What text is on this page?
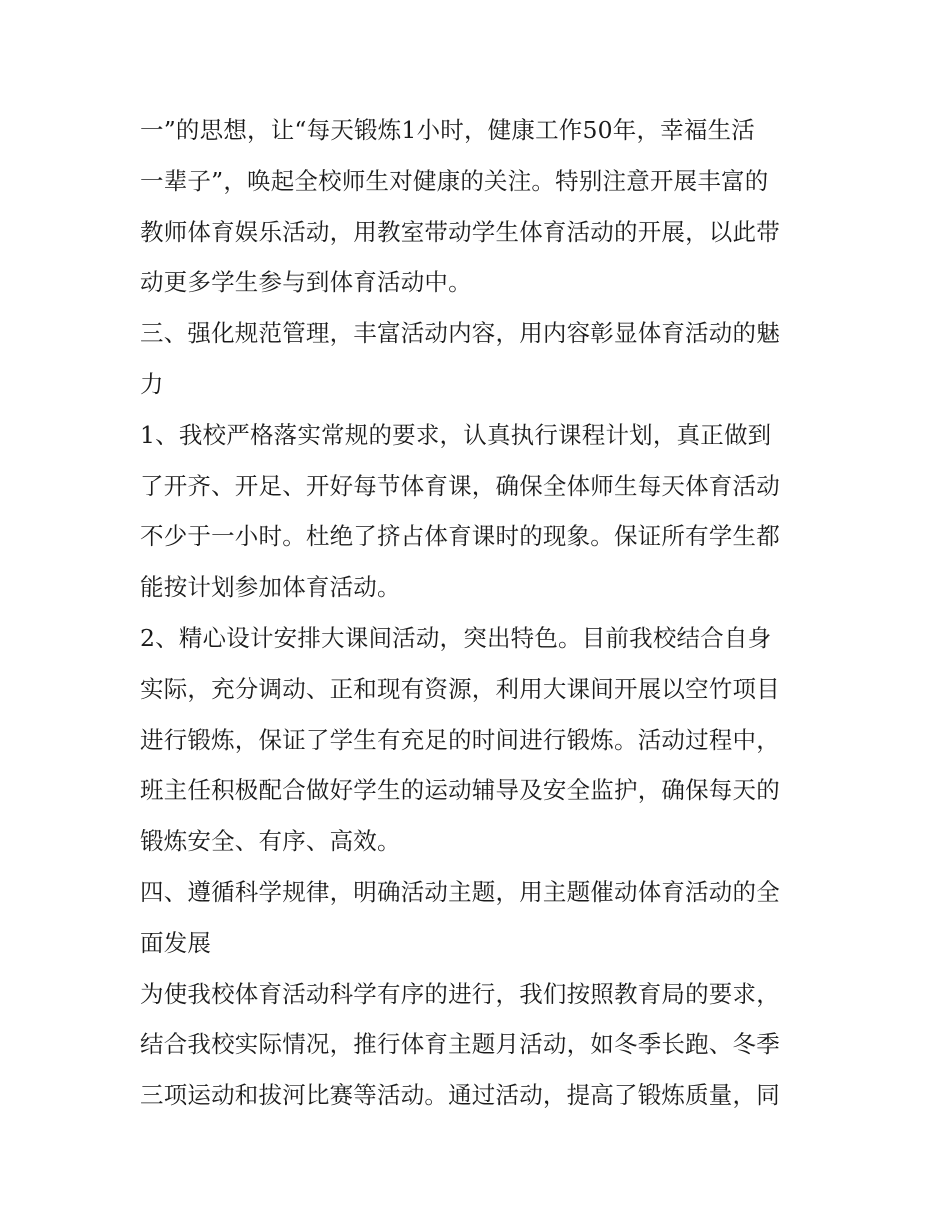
一”的思想，让“每天锻炼1小时，健康工作50年，幸福生活
一辈子”，唤起全校师生对健康的关注。特别注意开展丰富的
教师体育娱乐活动，用教室带动学生体育活动的开展，以此带
动更多学生参与到体育活动中。
三、强化规范管理，丰富活动内容，用内容彰显体育活动的魅
力
1、我校严格落实常规的要求，认真执行课程计划，真正做到
了开齐、开足、开好每节体育课，确保全体师生每天体育活动
不少于一小时。杜绝了挤占体育课时的现象。保证所有学生都
能按计划参加体育活动。
2、精心设计安排大课间活动，突出特色。目前我校结合自身
实际，充分调动、正和现有资源，利用大课间开展以空竹项目
进行锻炼，保证了学生有充足的时间进行锻炼。活动过程中，
班主任积极配合做好学生的运动辅导及安全监护，确保每天的
锻炼安全、有序、高效。
四、遵循科学规律，明确活动主题，用主题催动体育活动的全
面发展
为使我校体育活动科学有序的进行，我们按照教育局的要求，
结合我校实际情况，推行体育主题月活动，如冬季长跑、冬季
三项运动和拔河比赛等活动。通过活动，提高了锻炼质量，同
